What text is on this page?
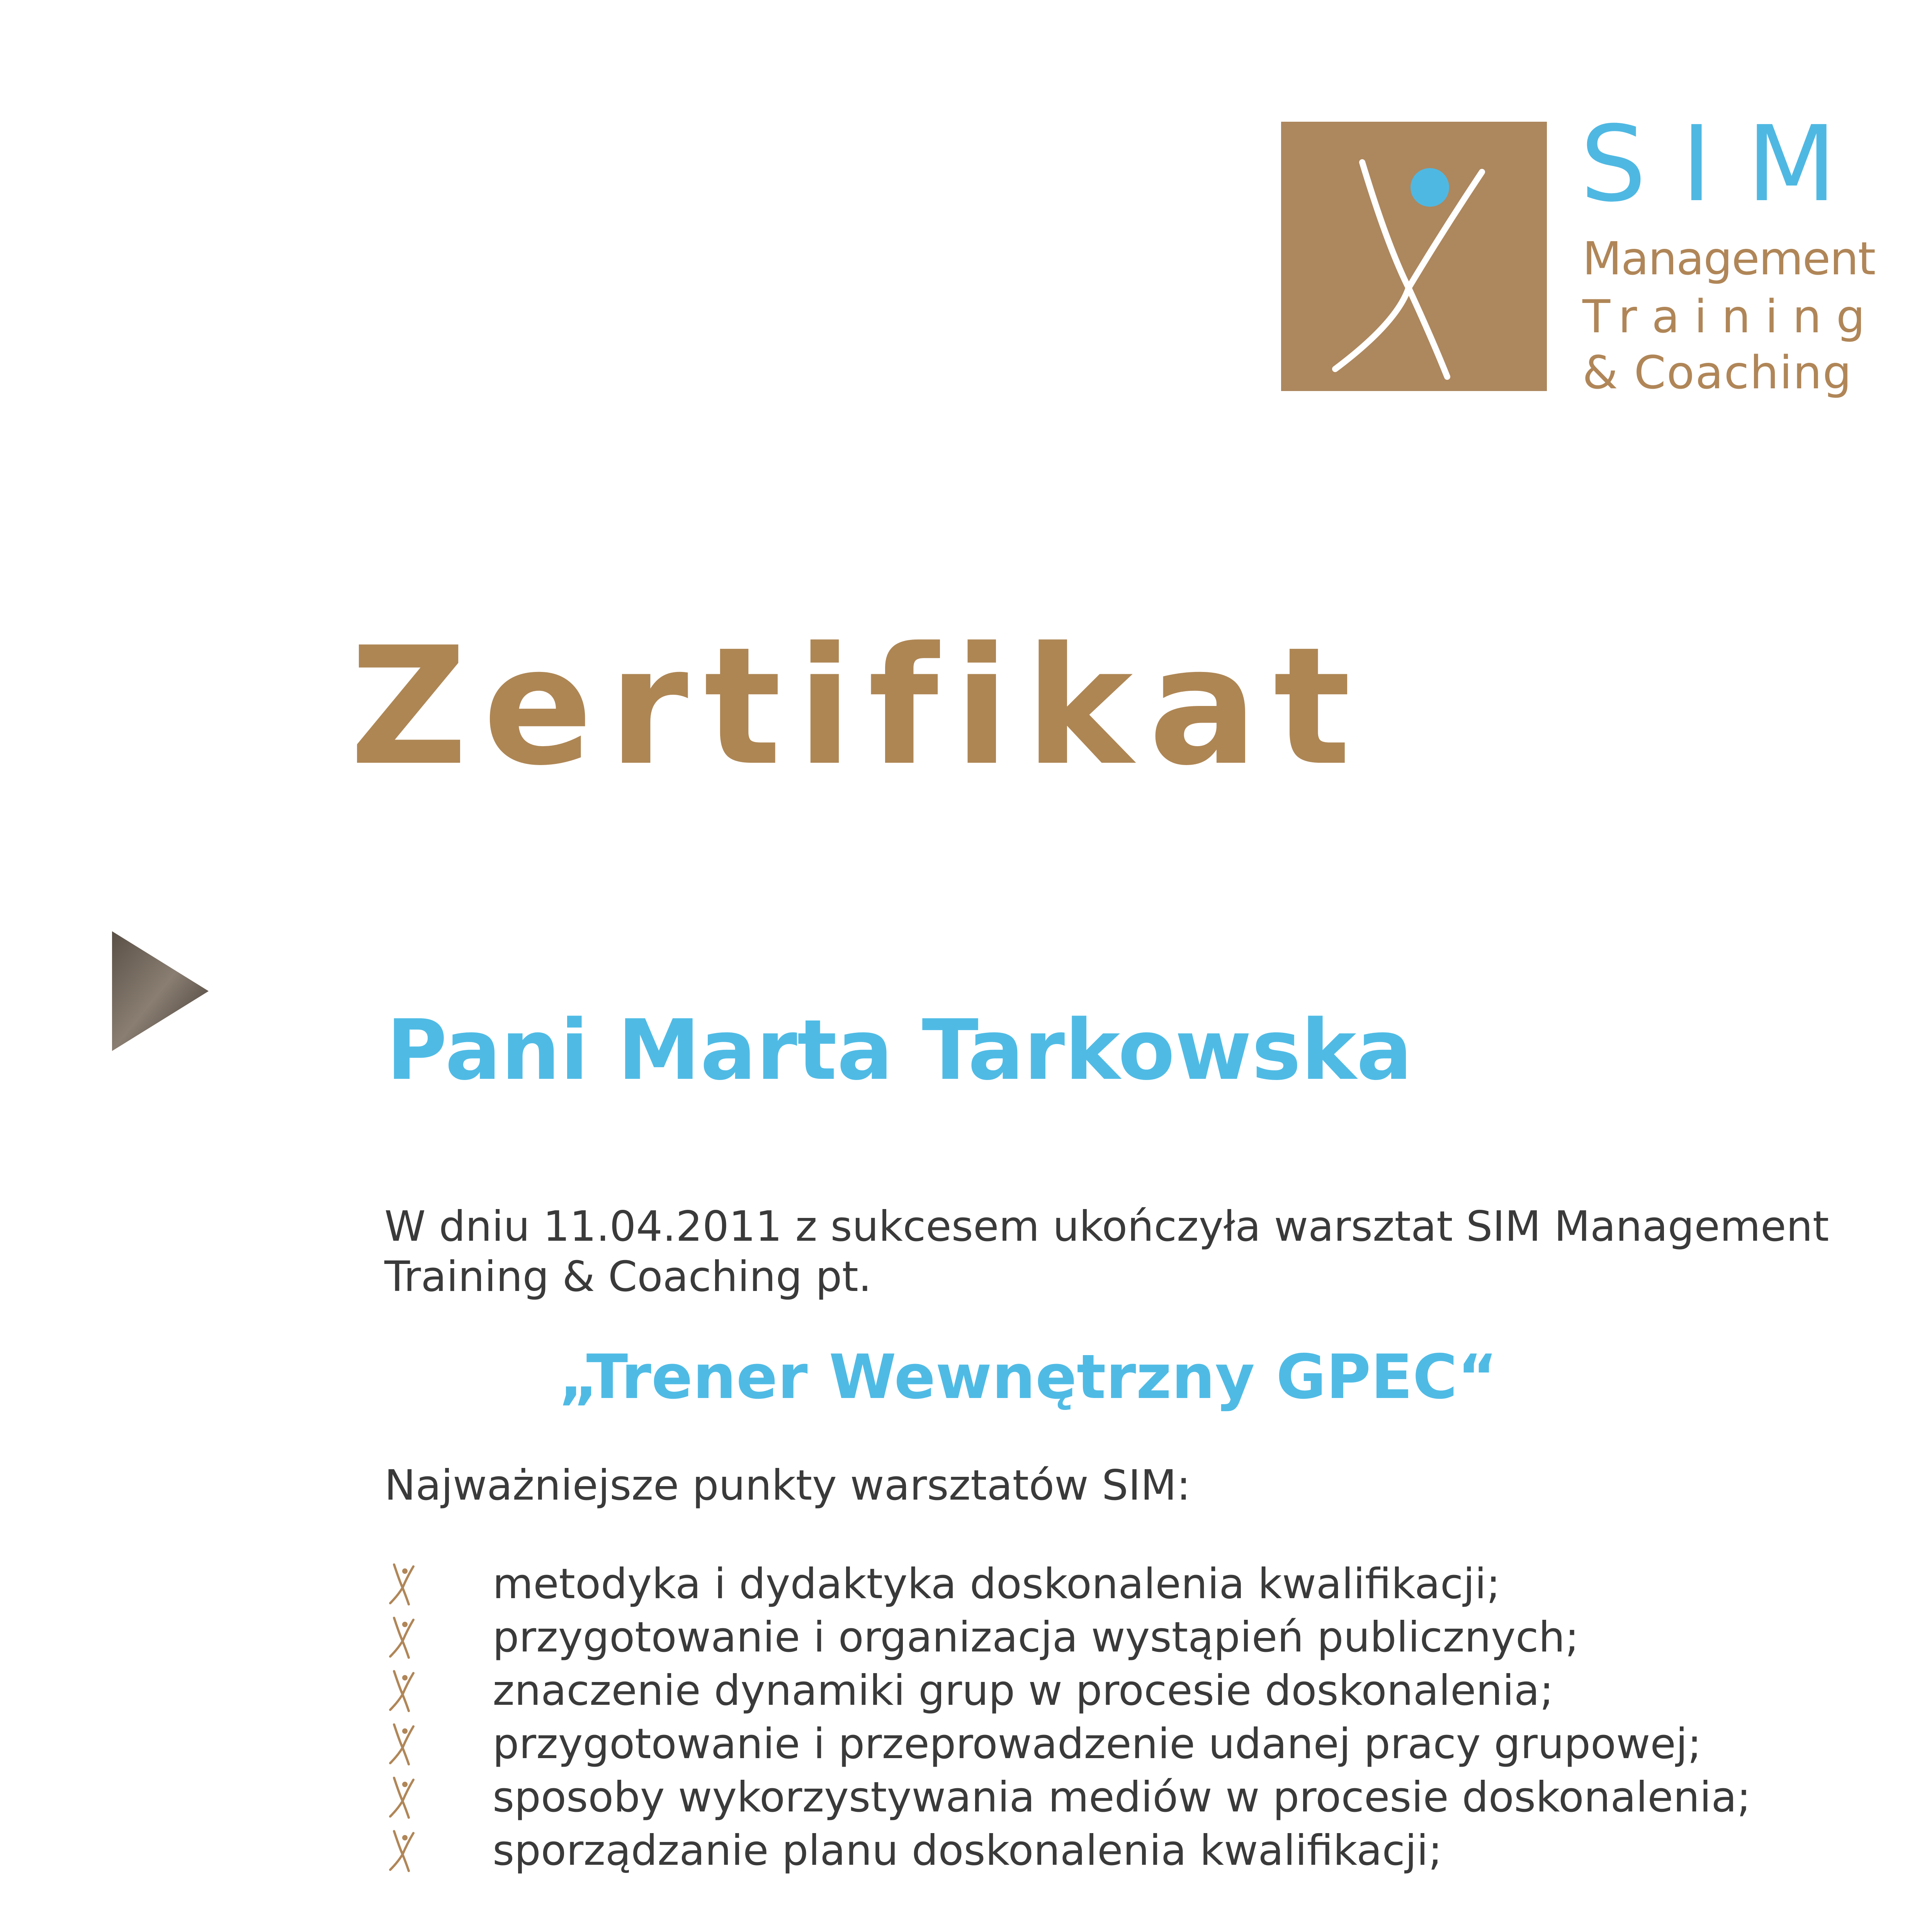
SIM
Management
Training
& Coaching
Zertifikat
Pani Marta Tarkowska
W dniu 11.04.2011 z sukcesem ukończyła warsztat SIM Management
Training & Coaching pt.
„Trener Wewnętrzny GPEC“
Najważniejsze punkty warsztatów SIM:
metodyka i dydaktyka doskonalenia kwalifikacji;
przygotowanie i organizacja wystąpień publicznych;
znaczenie dynamiki grup w procesie doskonalenia;
przygotowanie i przeprowadzenie udanej pracy grupowej;
sposoby wykorzystywania mediów w procesie doskonalenia;
sporządzanie planu doskonalenia kwalifikacji;
